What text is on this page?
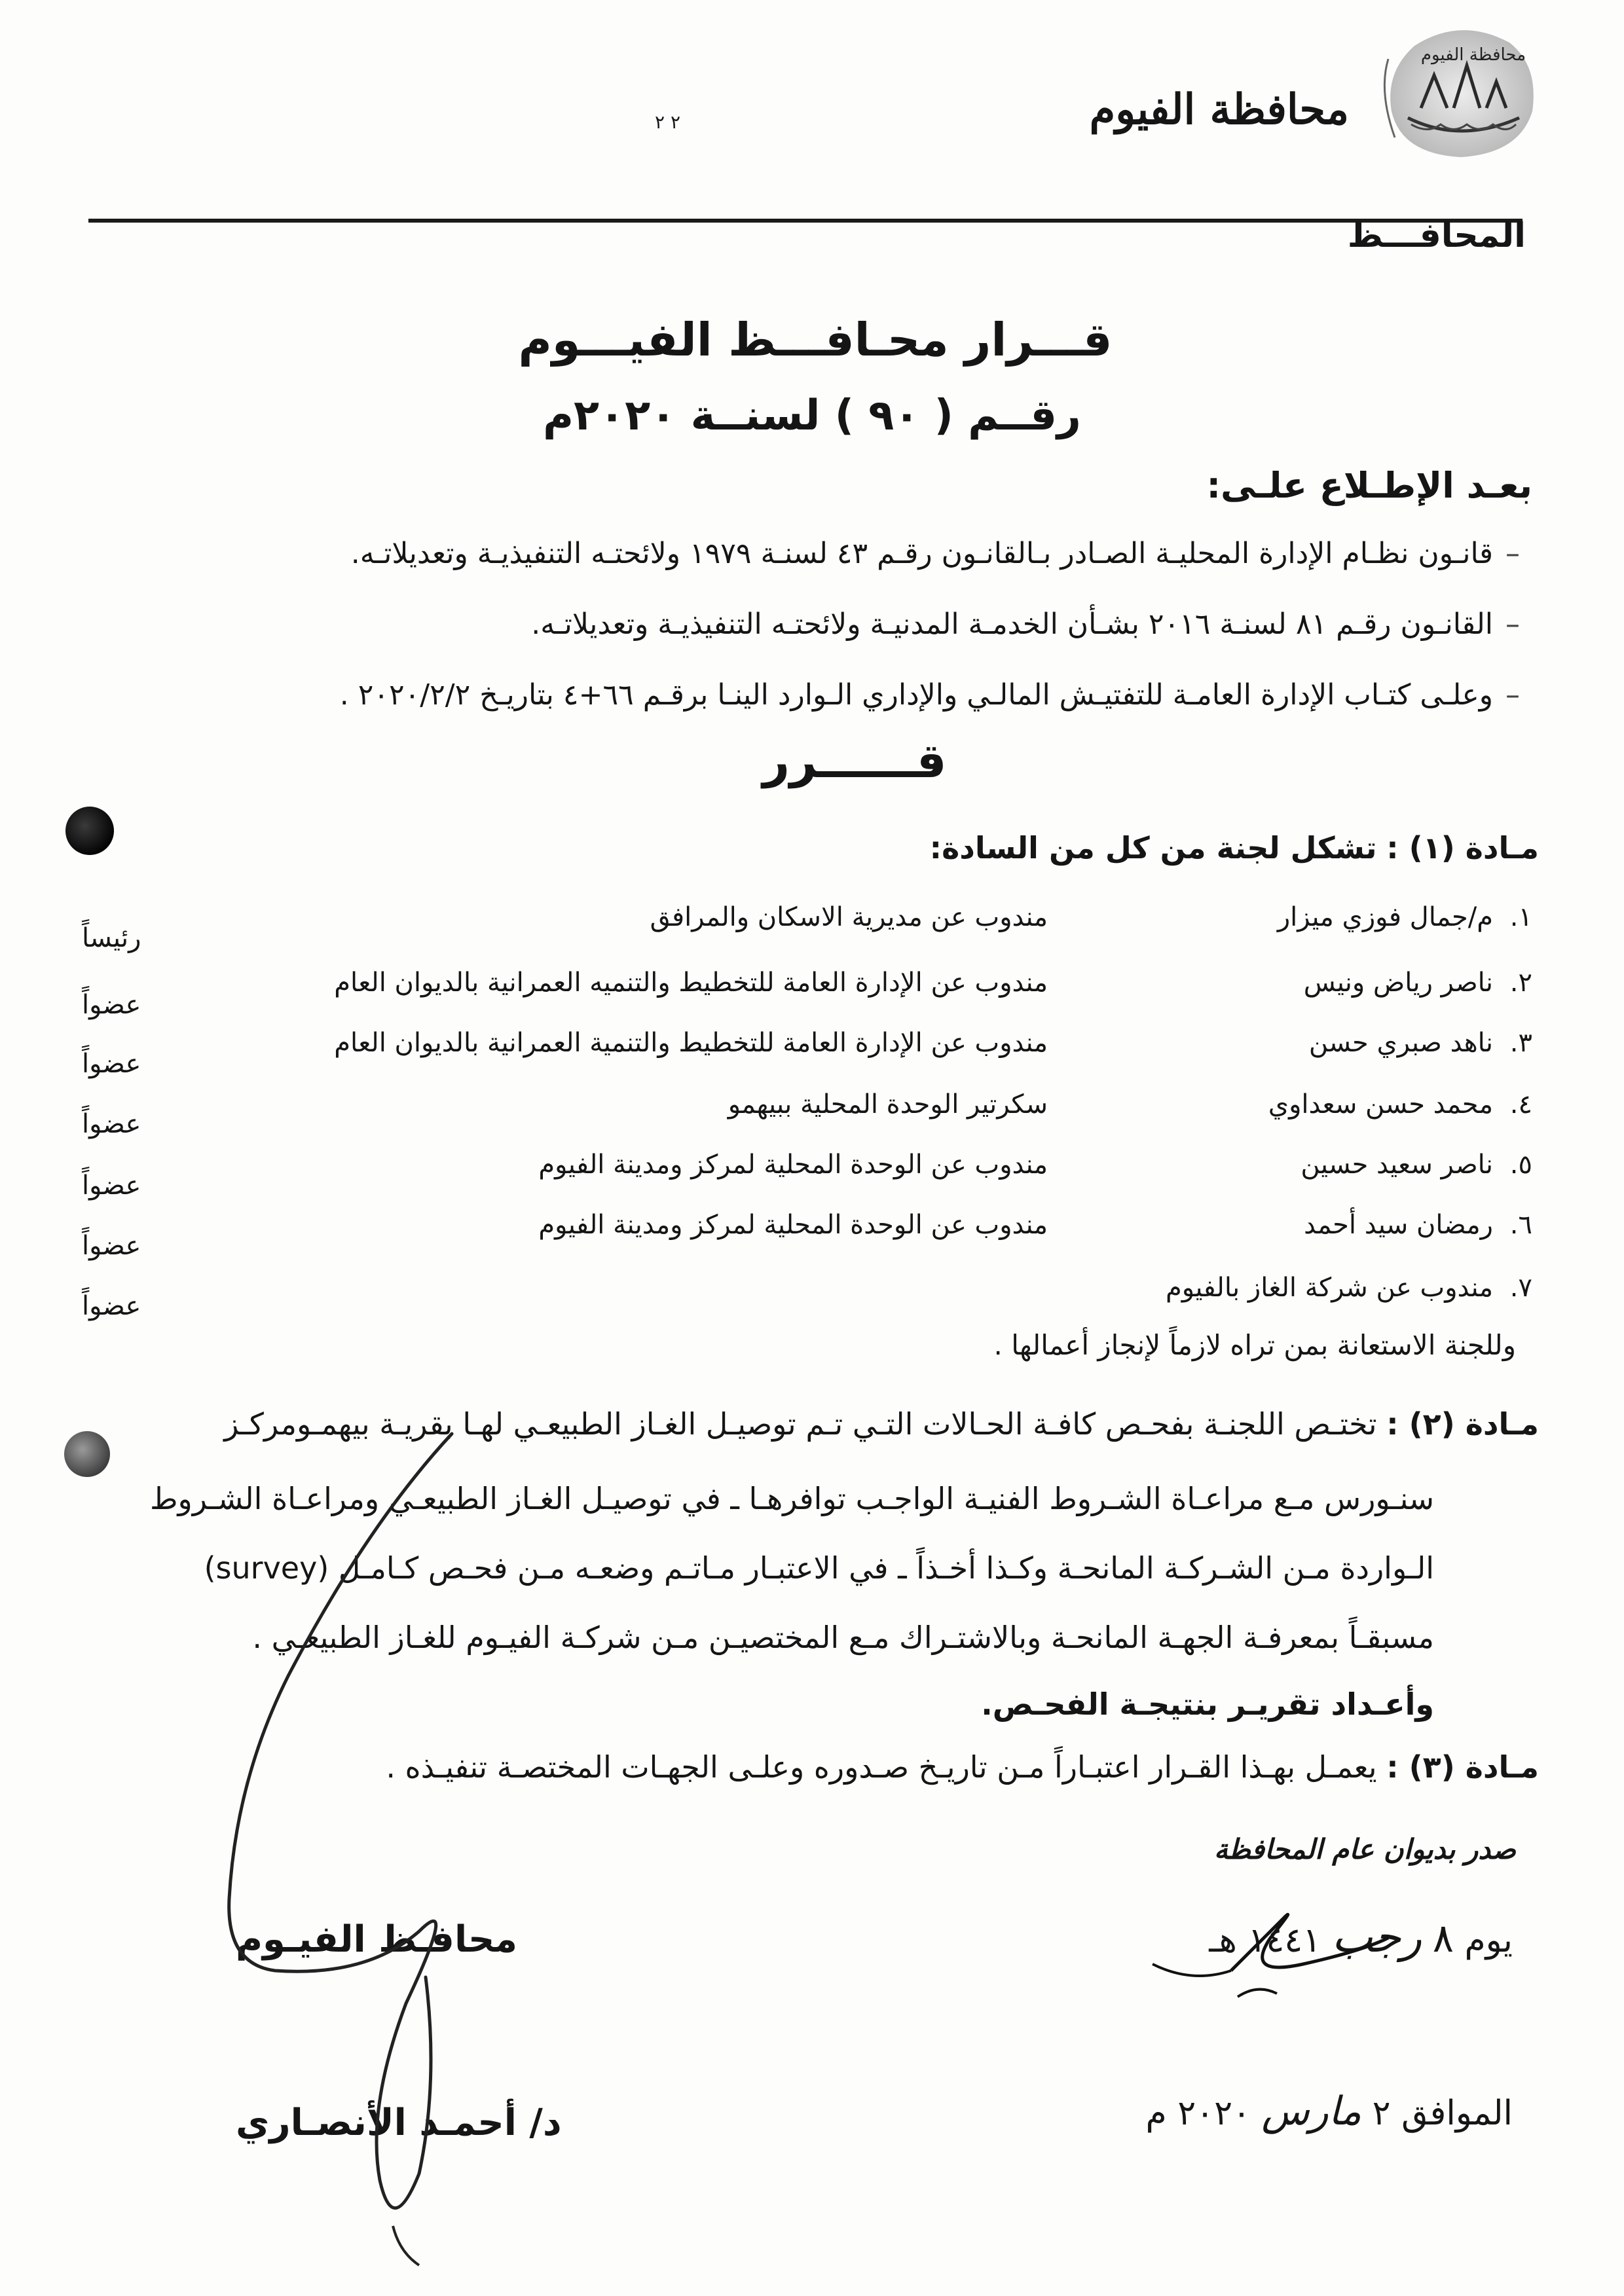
محافظة الفيوم
محافظة الفيوم
٢ ٢
المحافـــظ
قـــرار محـافـــظ الفيـــوم
رقــم ( ٩٠ ) لسنــة ٢٠٢٠م
بعـد الإطـلاع علـى:
–قانـون نظـام الإدارة المحليـة الصـادر بـالقانـون رقـم ٤٣ لسنـة ١٩٧٩ ولائحتـه التنفيذيـة وتعديلاتـه.
–القانـون رقـم ٨١ لسنـة ٢٠١٦ بشـأن الخدمـة المدنيـة ولائحتـه التنفيذيـة وتعديلاتـه.
–وعلـى كتـاب الإدارة العامـة للتفتيـش المالـي والإداري الـوارد الينـا برقـم ٦٦+٤ بتاريـخ ٢٠٢٠/٢/٢ .
قــــــرر
مـادة (١) : تشكل لجنة من كل من السادة:
١.م/جمال فوزي ميزار
مندوب عن مديرية الاسكان والمرافق
رئيساً
٢.ناصر رياض ونيس
مندوب عن الإدارة العامة للتخطيط والتنميه العمرانية بالديوان العام
عضواً
٣.ناهد صبري حسن
مندوب عن الإدارة العامة للتخطيط والتنمية العمرانية بالديوان العام
عضواً
٤.محمد حسن سعداوي
سكرتير الوحدة المحلية ببيهمو
عضواً
٥.ناصر سعيد حسين
مندوب عن الوحدة المحلية لمركز ومدينة الفيوم
عضواً
٦.رمضان سيد أحمد
مندوب عن الوحدة المحلية لمركز ومدينة الفيوم
عضواً
٧.مندوب عن شركة الغاز بالفيوم
عضواً
وللجنة الاستعانة بمن تراه لازماً لإنجاز أعمالها .
مـادة (٢) : تختـص اللجنـة بفحـص كافـة الحـالات التـي تـم توصيـل الغـاز الطبيعـي لهـا بقريـة بيهمـومركـز
سنـورس مـع مراعـاة الشـروط الفنيـة الواجـب توافرهـا ـ في توصيـل الغـاز الطبيعـي ومراعـاة الشـروط
الـواردة مـن الشـركـة المانحـة وكـذا أخـذاً ـ في الاعتبـار مـاتـم وضعـه مـن فحـص كـامـل (survey)
مسبقـاً بمعرفـة الجهـة المانحـة وبالاشتـراك مـع المختصيـن مـن شركـة الفيـوم للغـاز الطبيعـي .
وأعـداد تقريـر بنتيجـة الفحـص.
مـادة (٣) : يعمـل بهـذا القـرار اعتبـاراً مـن تاريـخ صـدوره وعلـى الجهـات المختصـة تنفيـذه .
صدر بديوان عام المحافظة
يوم ٨ رجب ١٤٤١ هـ
محافـظ الفيـوم
د/ أحمـد الأنصـاري	الموافق ٢ مارس ٢٠٢٠ م
